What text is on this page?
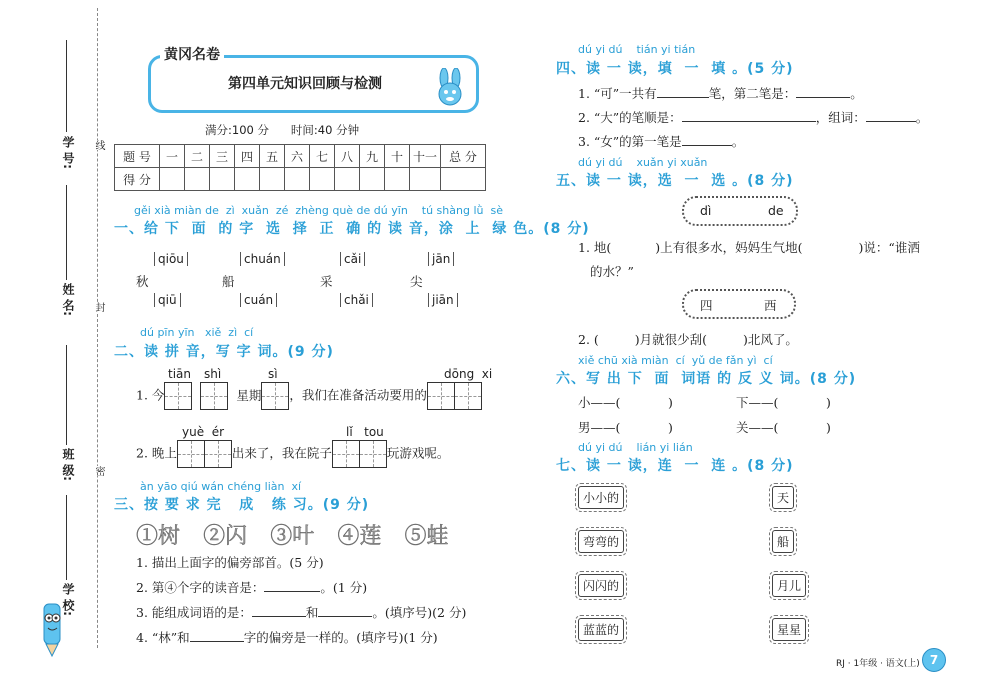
学 校:
班 级:
姓 名:
学 号: 线
封
密
黄冈名卷
第四单元知识回顾与检测
满分:100 分      时间:40 分钟
题 号	一	二	三	四	五	六	七	八	九	十	十一	总 分
得 分												
gěi xià miàn de  zì  xuǎn  zé  zhèng què de dú yīn    tú shàng lǜ  sè
一、给 下  面  的 字  选  择  正  确 的 读 音，涂  上  绿 色。(8 分)
秋
qiōu
qiū
船
chuán
cuán
采
cǎi
chǎi
尖
jān
jiān
dú pīn yīn   xiě  zì  cí
二、读 拼 音，写 字 词。(9 分)
tiān shì	sì	dōng  xi
1. 今	星期 ，我们在准备活动要用的
yuè  ér	lǐ   tou
2. 晚上	出来了，我在院子	玩游戏呢。
àn yāo qiú wán chéng liàn  xí
三、按 要 求 完   成   练 习。(9 分)
①树 ②闪 ③叶 ④莲 ⑤蛙
1. 描出上面字的偏旁部首。(5 分)
2. 第④个字的读音是：	。(1 分)
3. 能组成词语的是：	和	。(填序号)(2 分)
4. “林”和	字的偏旁是一样的。(填序号)(1 分)
dú yi dú    tián yi tián
四、读 一 读，填  一  填 。(5 分)
1. “可”一共有	笔，第二笔是：	。
2. “大”的笔顺是：	，组词：	。
3. “女”的第一笔是	。
dú yi dú    xuǎn yi xuǎn
五、读 一 读，选  一  选 。(8 分)
dì	de
1. 地(	)上有很多水，妈妈生气地(	)说：“谁洒
的水？”
四	西
2. (	)月就很少刮(	)北风了。
xiě chū xià miàn  cí  yǔ de fǎn yì  cí
六、写 出 下  面  词语 的 反 义 词。(8 分)
小——(            )	下——(            )
男——(            )	关——(            )
dú yi dú    lián yi lián
七、读 一 读，连  一  连 。(8 分)
小小的
弯弯的
闪闪的
蓝蓝的
天
船
月儿
星星
RJ · 1年级 · 语文(上) 7
